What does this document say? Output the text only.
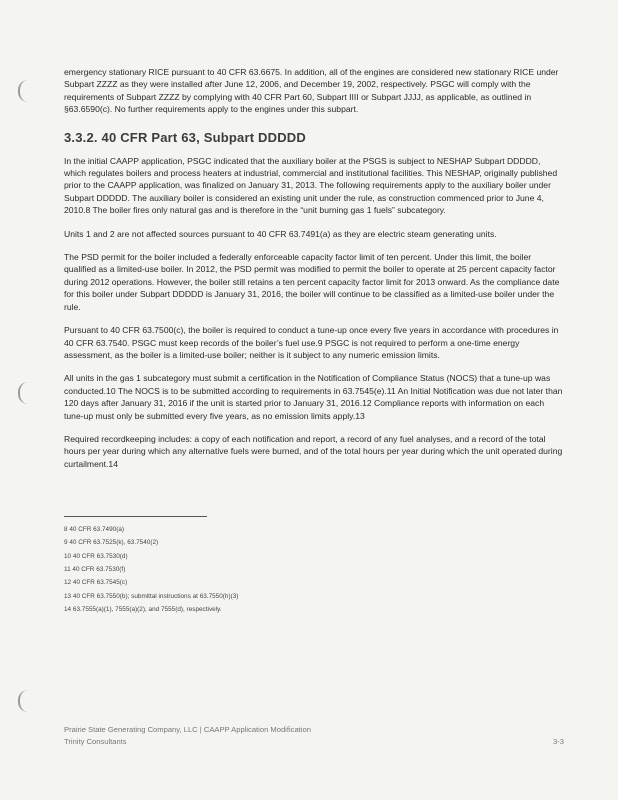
emergency stationary RICE pursuant to 40 CFR 63.6675. In addition, all of the engines are considered new stationary RICE under Subpart ZZZZ as they were installed after June 12, 2006, and December 19, 2002, respectively. PSGC will comply with the requirements of Subpart ZZZZ by complying with 40 CFR Part 60, Subpart IIII or Subpart JJJJ, as applicable, as outlined in §63.6590(c). No further requirements apply to the engines under this subpart.

3.3.2. 40 CFR Part 63, Subpart DDDDD

In the initial CAAPP application, PSGC indicated that the auxiliary boiler at the PSGS is subject to NESHAP Subpart DDDDD, which regulates boilers and process heaters at industrial, commercial and institutional facilities. This NESHAP, originally published prior to the CAAPP application, was finalized on January 31, 2013. The following requirements apply to the auxiliary boiler under Subpart DDDDD. The auxiliary boiler is considered an existing unit under the rule, as construction commenced prior to June 4, 2010.8 The boiler fires only natural gas and is therefore in the “unit burning gas 1 fuels” subcategory.

Units 1 and 2 are not affected sources pursuant to 40 CFR 63.7491(a) as they are electric steam generating units.

The PSD permit for the boiler included a federally enforceable capacity factor limit of ten percent. Under this limit, the boiler qualified as a limited-use boiler. In 2012, the PSD permit was modified to permit the boiler to operate at 25 percent capacity factor during 2012 operations. However, the boiler still retains a ten percent capacity factor limit for 2013 onward. As the compliance date for this boiler under Subpart DDDDD is January 31, 2016, the boiler will continue to be classified as a limited-use boiler under the rule.

Pursuant to 40 CFR 63.7500(c), the boiler is required to conduct a tune-up once every five years in accordance with procedures in 40 CFR 63.7540. PSGC must keep records of the boiler’s fuel use.9 PSGC is not required to perform a one-time energy assessment, as the boiler is a limited-use boiler; neither is it subject to any numeric emission limits.

All units in the gas 1 subcategory must submit a certification in the Notification of Compliance Status (NOCS) that a tune-up was conducted.10 The NOCS is to be submitted according to requirements in 63.7545(e).11 An Initial Notification was due not later than 120 days after January 31, 2016 if the unit is started prior to January 31, 2016.12 Compliance reports with information on each tune-up must only be submitted every five years, as no emission limits apply.13

Required recordkeeping includes: a copy of each notification and report, a record of any fuel analyses, and a record of the total hours per year during which any alternative fuels were burned, and of the total hours per year during which the unit operated during curtailment.14

8 40 CFR 63.7490(a)
9 40 CFR 63.7525(k), 63.7540(2)
10 40 CFR 63.7530(d)
11 40 CFR 63.7530(f)
12 40 CFR 63.7545(c)
13 40 CFR 63.7550(b); submittal instructions at 63.7550(h)(3)
14 63.7555(a)(1), 7555(a)(2), and 7555(d), respectively.
Prairie State Generating Company, LLC | CAAPP Application Modification
Trinity Consultants	3-3
